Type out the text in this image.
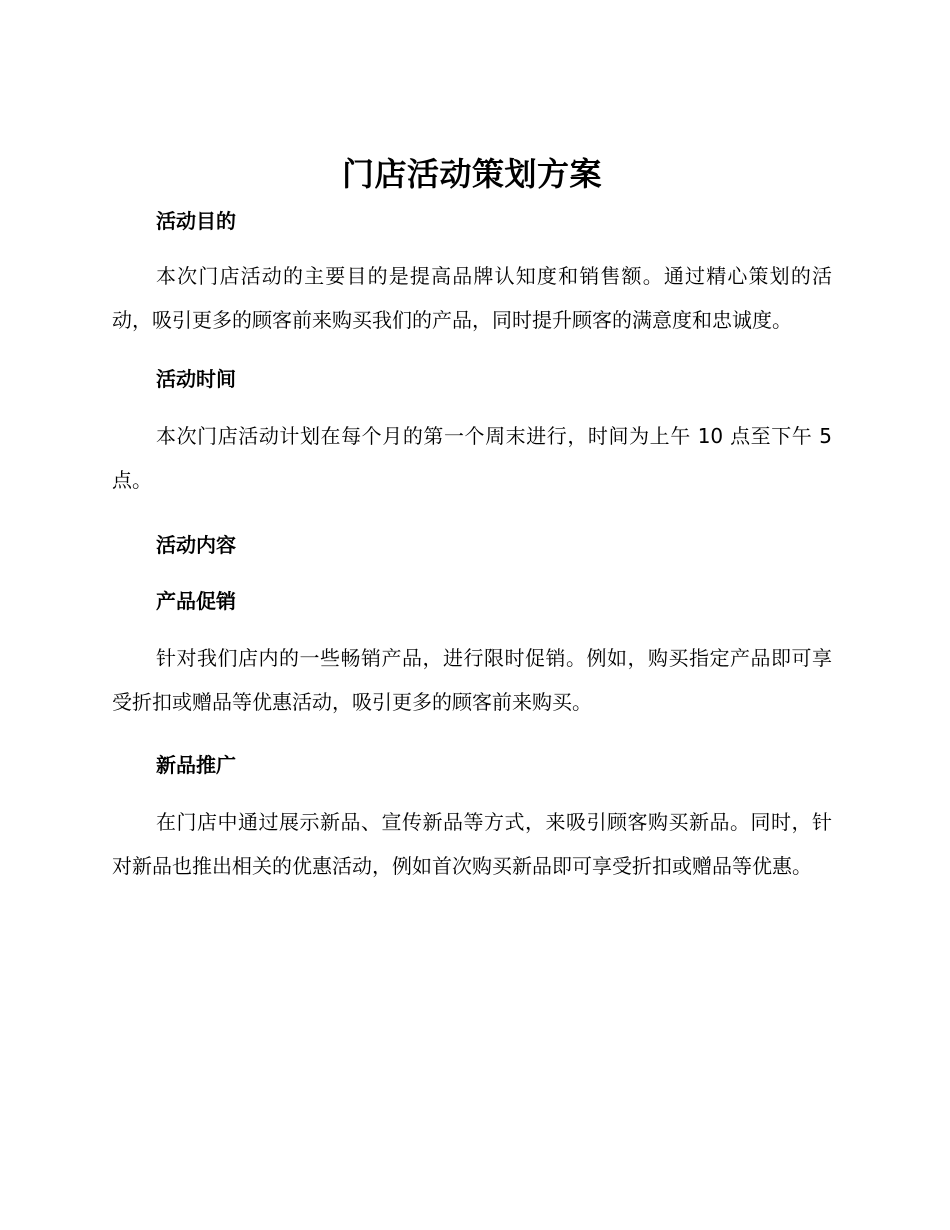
门店活动策划方案
活动目的

本次门店活动的主要目的是提高品牌认知度和销售额。通过精心策划的活动，吸引更多的顾客前来购买我们的产品，同时提升顾客的满意度和忠诚度。

活动时间

本次门店活动计划在每个月的第一个周末进行，时间为上午 10 点至下午 5 点。

活动内容
产品促销

针对我们店内的一些畅销产品，进行限时促销。例如，购买指定产品即可享受折扣或赠品等优惠活动，吸引更多的顾客前来购买。

新品推广

在门店中通过展示新品、宣传新品等方式，来吸引顾客购买新品。同时，针对新品也推出相关的优惠活动，例如首次购买新品即可享受折扣或赠品等优惠。
